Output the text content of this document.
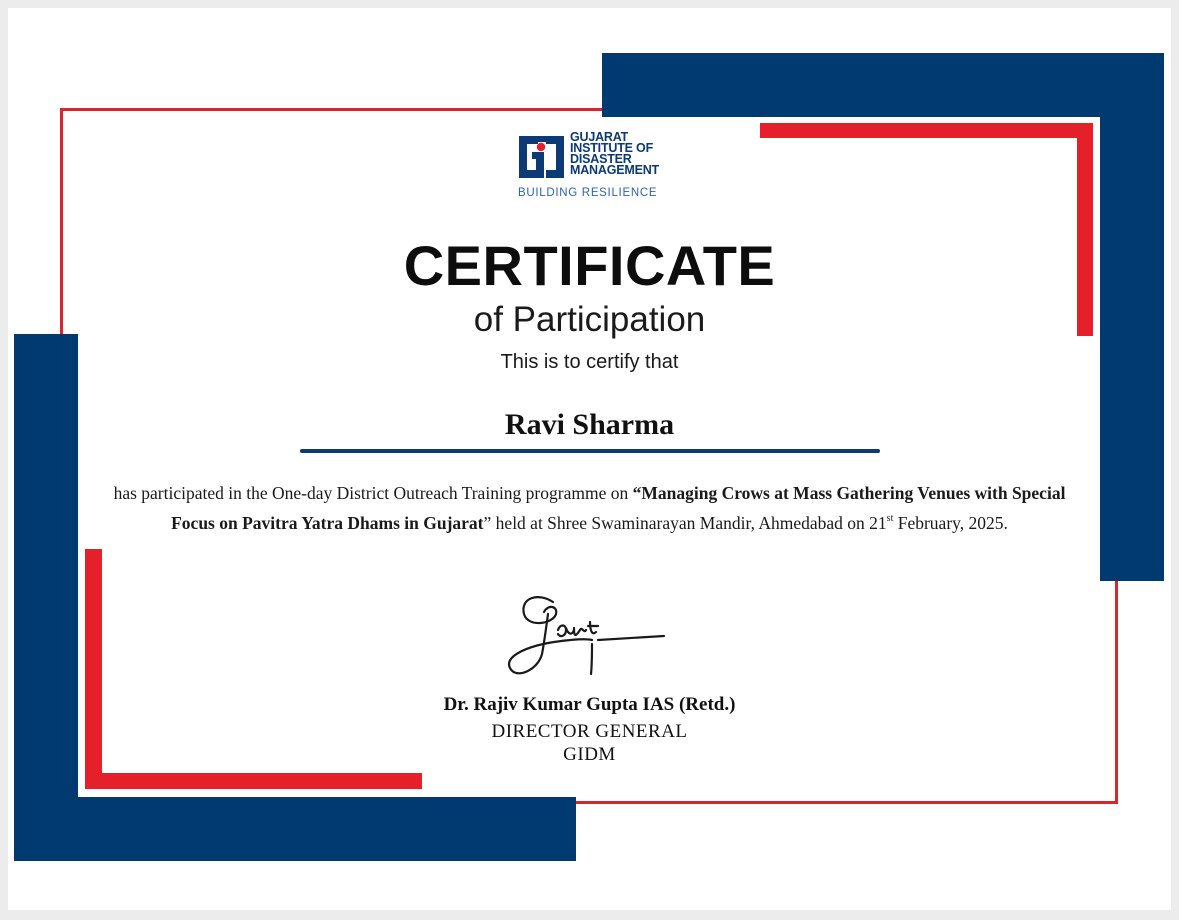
GUJARAT
INSTITUTE OF
DISASTER
MANAGEMENT
BUILDING RESILIENCE
CERTIFICATE
of Participation
This is to certify that
Ravi Sharma
has participated in the One-day District Outreach Training programme on “Managing Crows at Mass Gathering Venues with Special Focus on Pavitra Yatra Dhams in Gujarat” held at Shree Swaminarayan Mandir, Ahmedabad on 21st February, 2025.
Dr. Rajiv Kumar Gupta IAS (Retd.)
DIRECTOR GENERAL
GIDM
